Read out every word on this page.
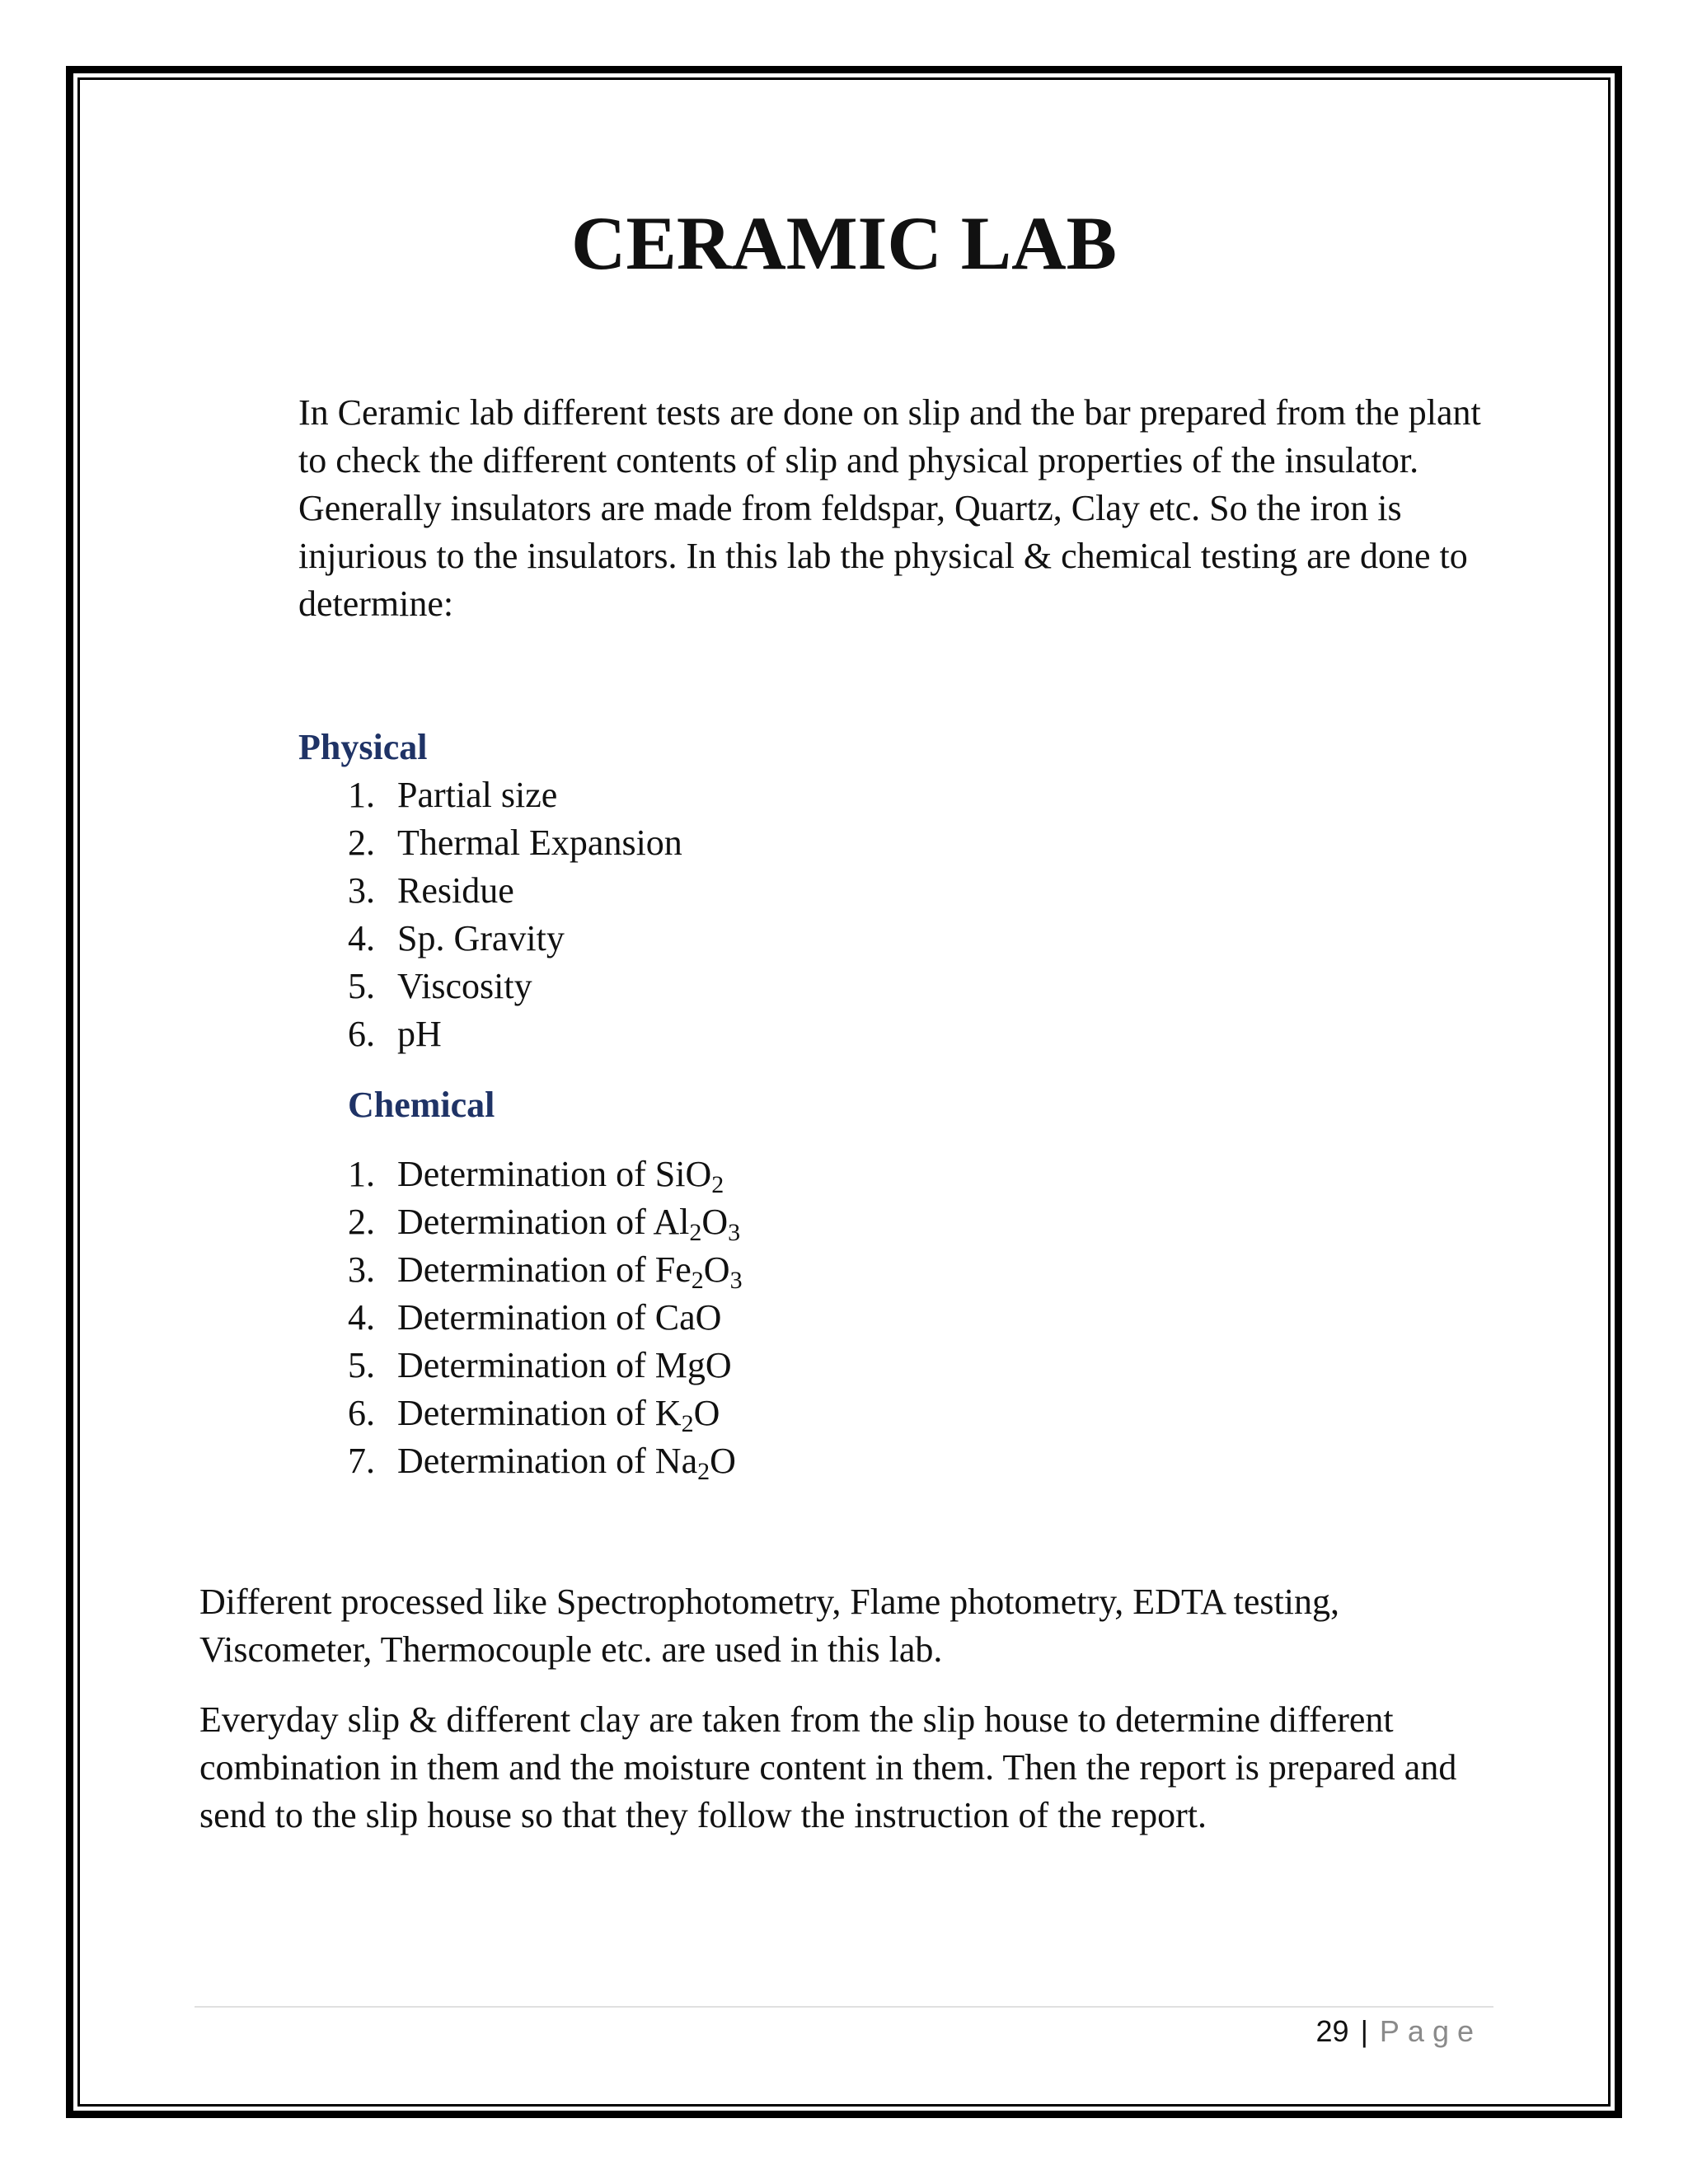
CERAMIC LAB

In Ceramic lab different tests are done on slip and the bar prepared from the plant to check the different contents of slip and physical properties of the insulator.

Generally insulators are made from feldspar, Quartz, Clay etc. So the iron is injurious to the insulators. In this lab the physical & chemical testing are done to determine:

Physical
1. Partial size
2. Thermal Expansion
3. Residue
4. Sp. Gravity
5. Viscosity
6. pH
Chemical
1. Determination of SiO$_2$
2. Determination of $Al_2O_3$
3. Determination of $Fe_2O_3$
4. Determination of CaO
5. Determination of MgO
6. Determination of $K_2O$
7. Determination of $Na_2O$

Different processed like Spectrophotometry, Flame photometry, EDTA testing, Viscometer, Thermocouple etc. are used in this lab.

Everyday slip & different clay are taken from the slip house to determine different combination in them and the moisture content in them. Then the report is prepared and send to the slip house so that they follow the instruction of the report.

29 | Page
